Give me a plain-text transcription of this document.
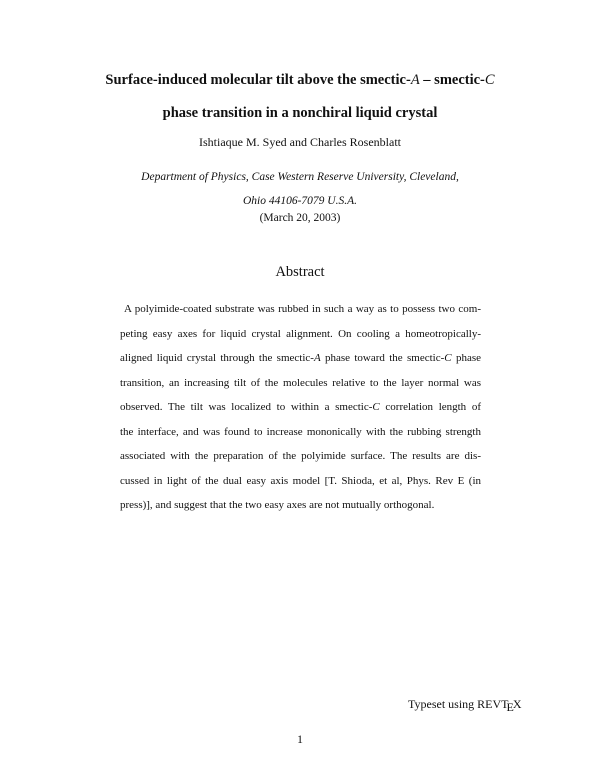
Surface-induced molecular tilt above the smectic-A – smectic-C
phase transition in a nonchiral liquid crystal
Ishtiaque M. Syed and Charles Rosenblatt
Department of Physics, Case Western Reserve University, Cleveland,
Ohio 44106-7079 U.S.A.
(March 20, 2003)
Abstract
A polyimide-coated substrate was rubbed in such a way as to possess two com-
peting easy axes for liquid crystal alignment. On cooling a homeotropically-
aligned liquid crystal through the smectic-A phase toward the smectic-C phase
transition, an increasing tilt of the molecules relative to the layer normal was
observed. The tilt was localized to within a smectic-C correlation length of
the interface, and was found to increase mononically with the rubbing strength
associated with the preparation of the polyimide surface. The results are dis-
cussed in light of the dual easy axis model [T. Shioda, et al, Phys. Rev E (in
press)], and suggest that the two easy axes are not mutually orthogonal.
Typeset using REVTEX
1
